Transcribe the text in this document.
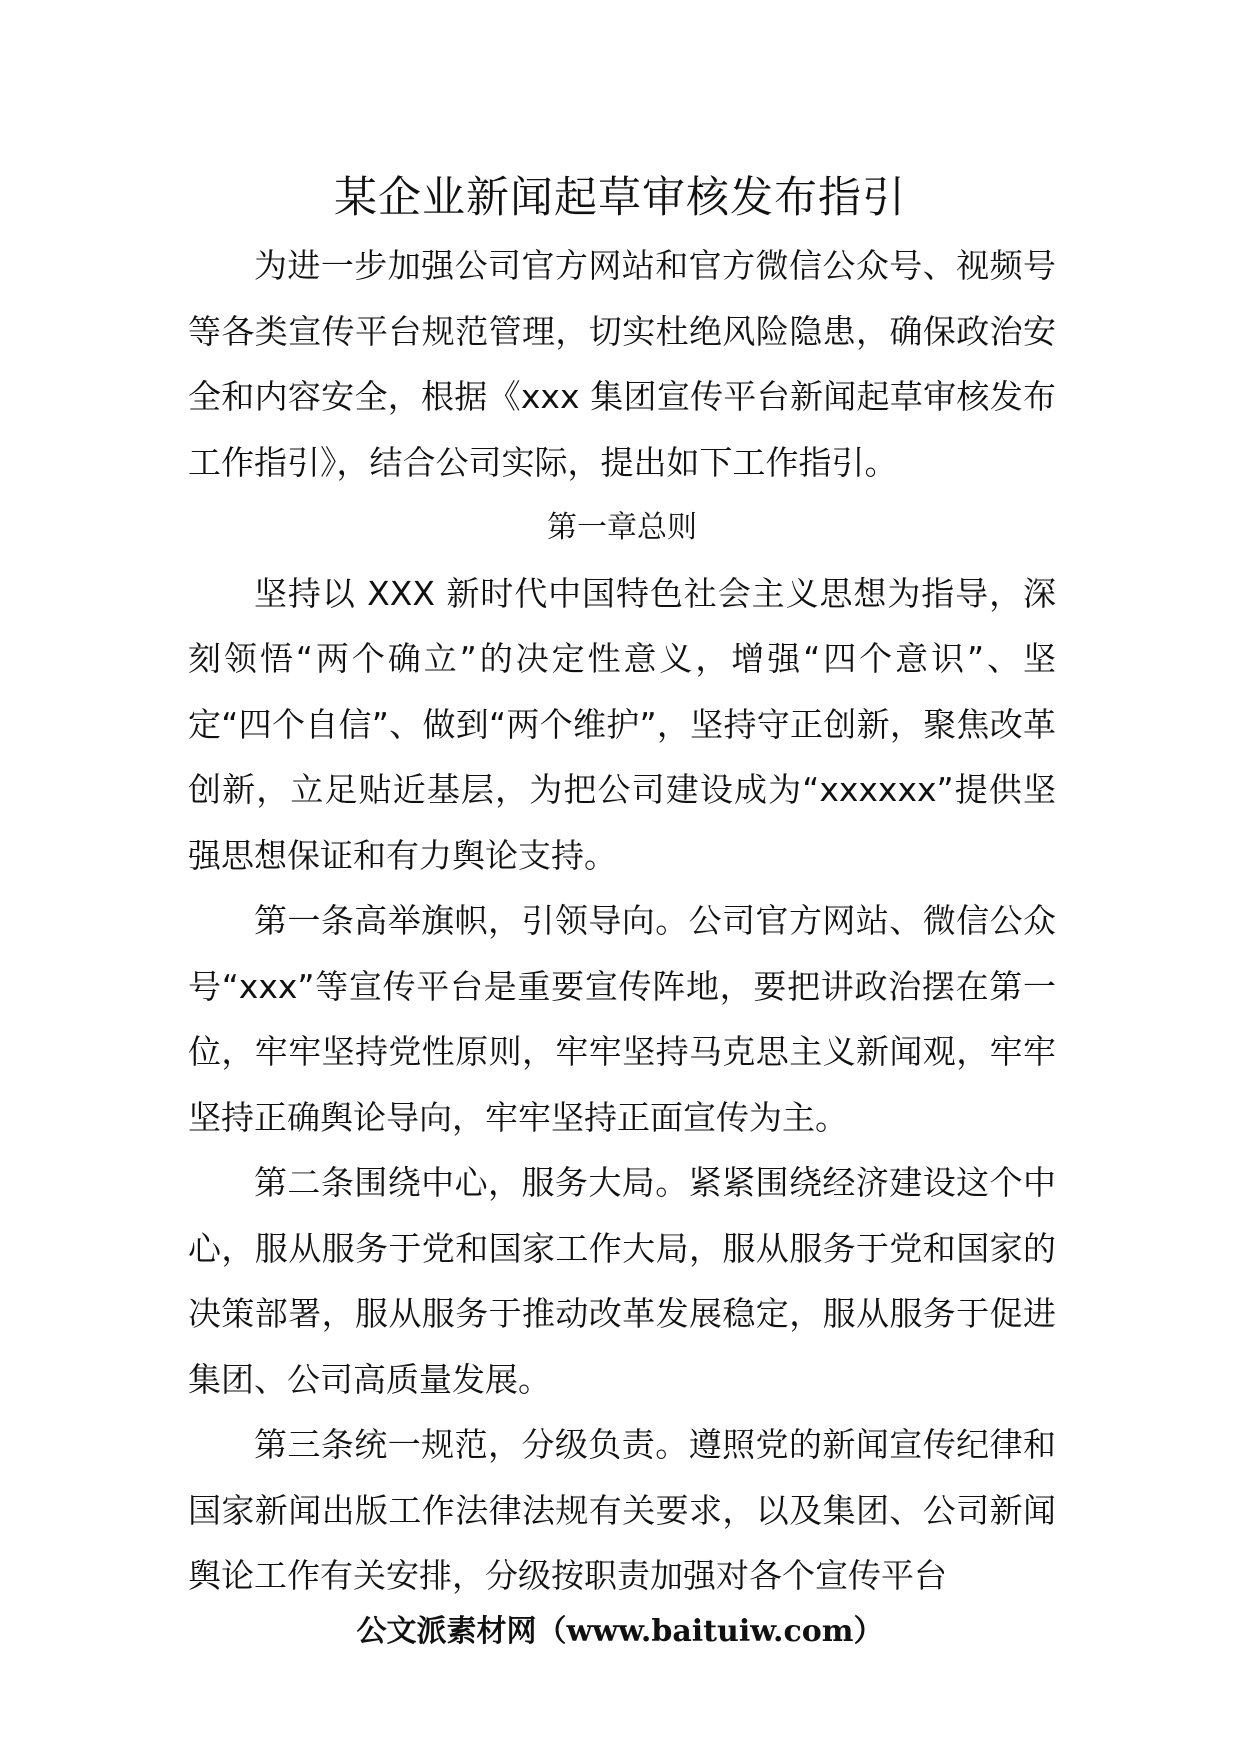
某企业新闻起草审核发布指引

为进一步加强公司官方网站和官方微信公众号、视频号等各类宣传平台规范管理，切实杜绝风险隐患，确保政治安全和内容安全，根据《xxx 集团宣传平台新闻起草审核发布工作指引》，结合公司实际，提出如下工作指引。

第一章总则

坚持以 XXX 新时代中国特色社会主义思想为指导，深刻领悟“两个确立”的决定性意义，增强“四个意识”、坚定“四个自信”、做到“两个维护”，坚持守正创新，聚焦改革创新，立足贴近基层，为把公司建设成为“xxxxxx”提供坚强思想保证和有力舆论支持。

第一条高举旗帜，引领导向。公司官方网站、微信公众号“xxx”等宣传平台是重要宣传阵地，要把讲政治摆在第一位，牢牢坚持党性原则，牢牢坚持马克思主义新闻观，牢牢坚持正确舆论导向，牢牢坚持正面宣传为主。

第二条围绕中心，服务大局。紧紧围绕经济建设这个中心，服从服务于党和国家工作大局，服从服务于党和国家的决策部署，服从服务于推动改革发展稳定，服从服务于促进集团、公司高质量发展。

第三条统一规范，分级负责。遵照党的新闻宣传纪律和国家新闻出版工作法律法规有关要求，以及集团、公司新闻舆论工作有关安排，分级按职责加强对各个宣传平台

公文派素材网（www.baituiw.com）
